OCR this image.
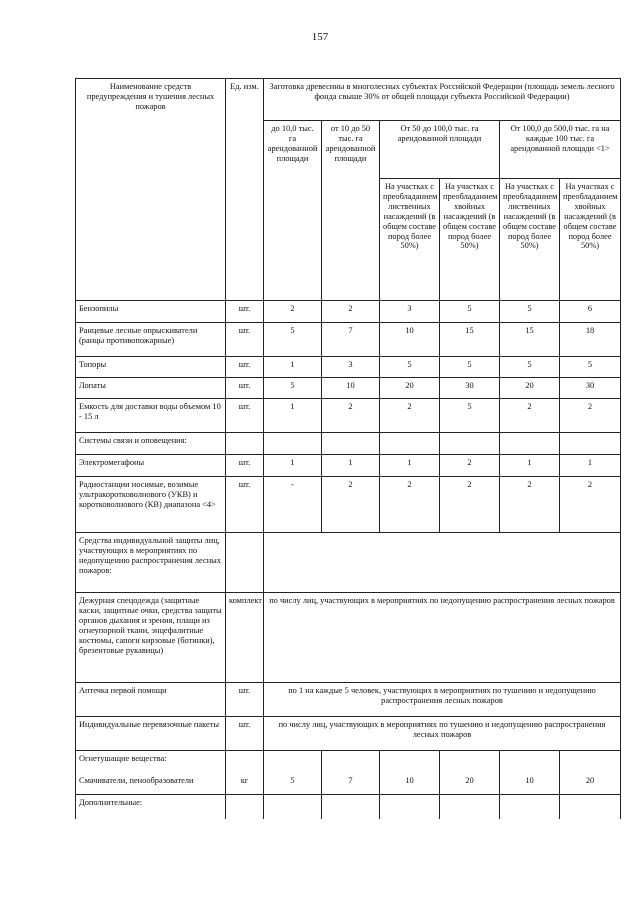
157
Наименование средств предупреждения и тушения лесных пожаров	Ед. изм.	Заготовка древесины в многолесных субъектах Российской Федерации (площадь земель лесного фонда свыше 30% от общей площади субъекта Российской Федерации)					
		до 10,0 тыс. га арендованной площади	от 10 до 50 тыс. га арендованной площади	От 50 до 100,0 тыс. га арендованной площади		От 100,0 до 500,0 тыс. га на каждые 100 тыс. га арендованной площади <1>	
				На участках с преобладанием лиственных насаждений (в общем составе пород более 50%)	На участках с преобладанием хвойных насаждений (в общем составе пород более 50%)	На участках с преобладанием лиственных насаждений (в общем составе пород более 50%)	На участках с преобладанием хвойных насаждений (в общем составе пород более 50%)
Бензопилы	шт.	2	2	3	5	5	6
Ранцевые лесные опрыскиватели (ранцы противопожарные)	шт.	5	7	10	15	15	18
Топоры	шт.	1	3	5	5	5	5
Лопаты	шт.	5	10	20	30	20	30
Емкость для доставки воды объемом 10 - 15 л	шт.	1	2	2	5	2	2
Системы связи и оповещения:							
Электромегафоны	шт.	1	1	1	2	1	1
Радиостанции носимые, возимые ультракоротковолнового (УКВ) и коротковолнового (КВ) диапазона <4>	шт.	-	2	2	2	2	2
Средства индивидуальной защиты лиц, участвующих в мероприятиях по недопущению распространения лесных пожаров:							
Дежурная спецодежда (защитные каски, защитные очки, средства защиты органов дыхания и зрения, плащи из огнеупорной ткани, энцефалитные костюмы, сапоги кирзовые (ботинки), брезентовые рукавицы)	комплект	по числу лиц, участвующих в мероприятиях по недопущению распространения лесных пожаров					
Аптечка первой помощи	шт.	по 1 на каждые 5 человек, участвующих в мероприятиях по тушению и недопущению распространения лесных пожаров					
Индивидуальные перевязочные пакеты	шт.	по числу лиц, участвующих в мероприятиях по тушению и недопущению распространения лесных пожаров					
Огнетушащие вещества:							
Смачиватели, пенообразователи	кг	5	7	10	20	10	20
Дополнительные:							
